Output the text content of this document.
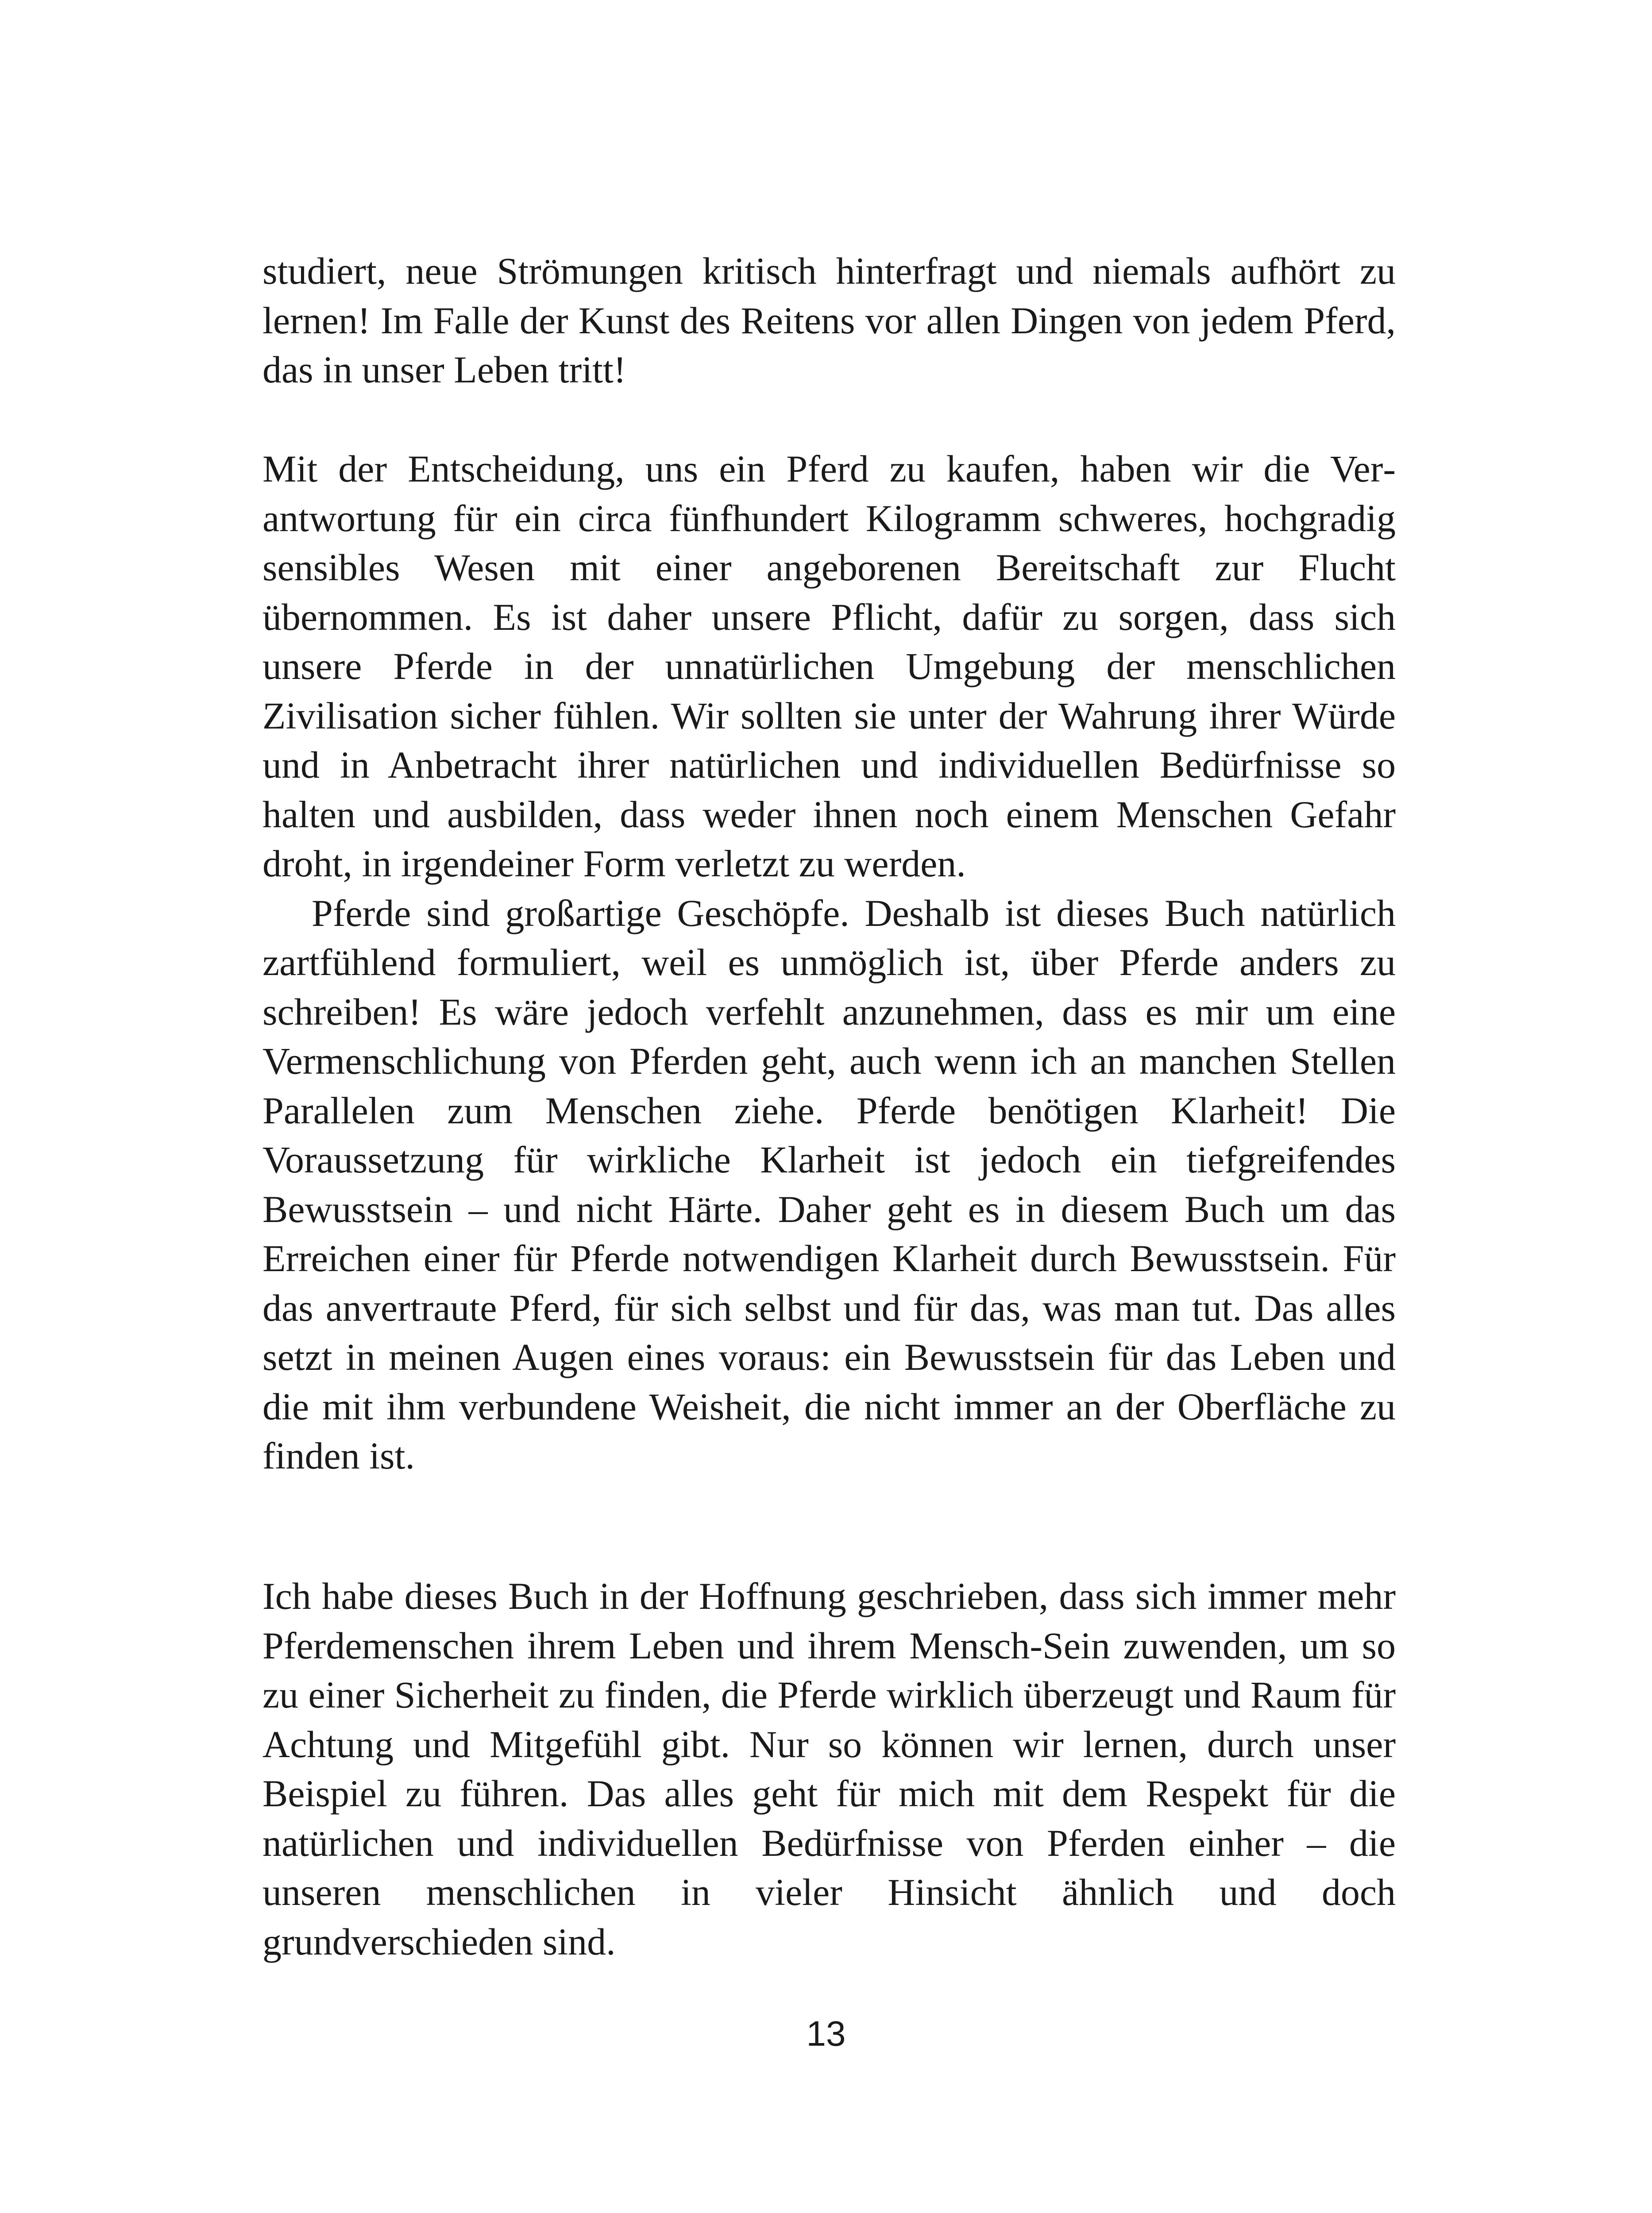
studiert, neue Strömungen kritisch hinterfragt und niemals aufhört zu lernen! Im Falle der Kunst des Reitens vor allen Dingen von jedem Pferd, das in unser Leben tritt!

Mit der Entscheidung, uns ein Pferd zu kaufen, haben wir die Verantwortung für ein circa fünfhundert Kilogramm schweres, hochgradig sensibles Wesen mit einer angeborenen Bereitschaft zur Flucht übernommen. Es ist daher unsere Pflicht, dafür zu sorgen, dass sich unsere Pferde in der unnatürlichen Umgebung der menschlichen Zivilisation sicher fühlen. Wir sollten sie unter der Wahrung ihrer Würde und in Anbetracht ihrer natürlichen und individuellen Bedürfnisse so halten und ausbilden, dass weder ihnen noch einem Menschen Gefahr droht, in irgendeiner Form verletzt zu werden.

Pferde sind großartige Geschöpfe. Deshalb ist dieses Buch natürlich zartfühlend formuliert, weil es unmöglich ist, über Pferde anders zu schreiben! Es wäre jedoch verfehlt anzunehmen, dass es mir um eine Vermenschlichung von Pferden geht, auch wenn ich an manchen Stellen Parallelen zum Menschen ziehe. Pferde benötigen Klarheit! Die Voraussetzung für wirkliche Klarheit ist jedoch ein tiefgreifendes Bewusstsein – und nicht Härte. Daher geht es in diesem Buch um das Erreichen einer für Pferde notwendigen Klarheit durch Bewusstsein. Für das anvertraute Pferd, für sich selbst und für das, was man tut. Das alles setzt in meinen Augen eines voraus: ein Bewusstsein für das Leben und die mit ihm verbundene Weisheit, die nicht immer an der Oberfläche zu finden ist.

Ich habe dieses Buch in der Hoffnung geschrieben, dass sich immer mehr Pferdemenschen ihrem Leben und ihrem Mensch-Sein zuwenden, um so zu einer Sicherheit zu finden, die Pferde wirklich überzeugt und Raum für Achtung und Mitgefühl gibt. Nur so können wir lernen, durch unser Beispiel zu führen. Das alles geht für mich mit dem Respekt für die natürlichen und individuellen Bedürfnisse von Pferden einher – die unseren menschlichen in vieler Hinsicht ähnlich und doch grundverschieden sind.

13
